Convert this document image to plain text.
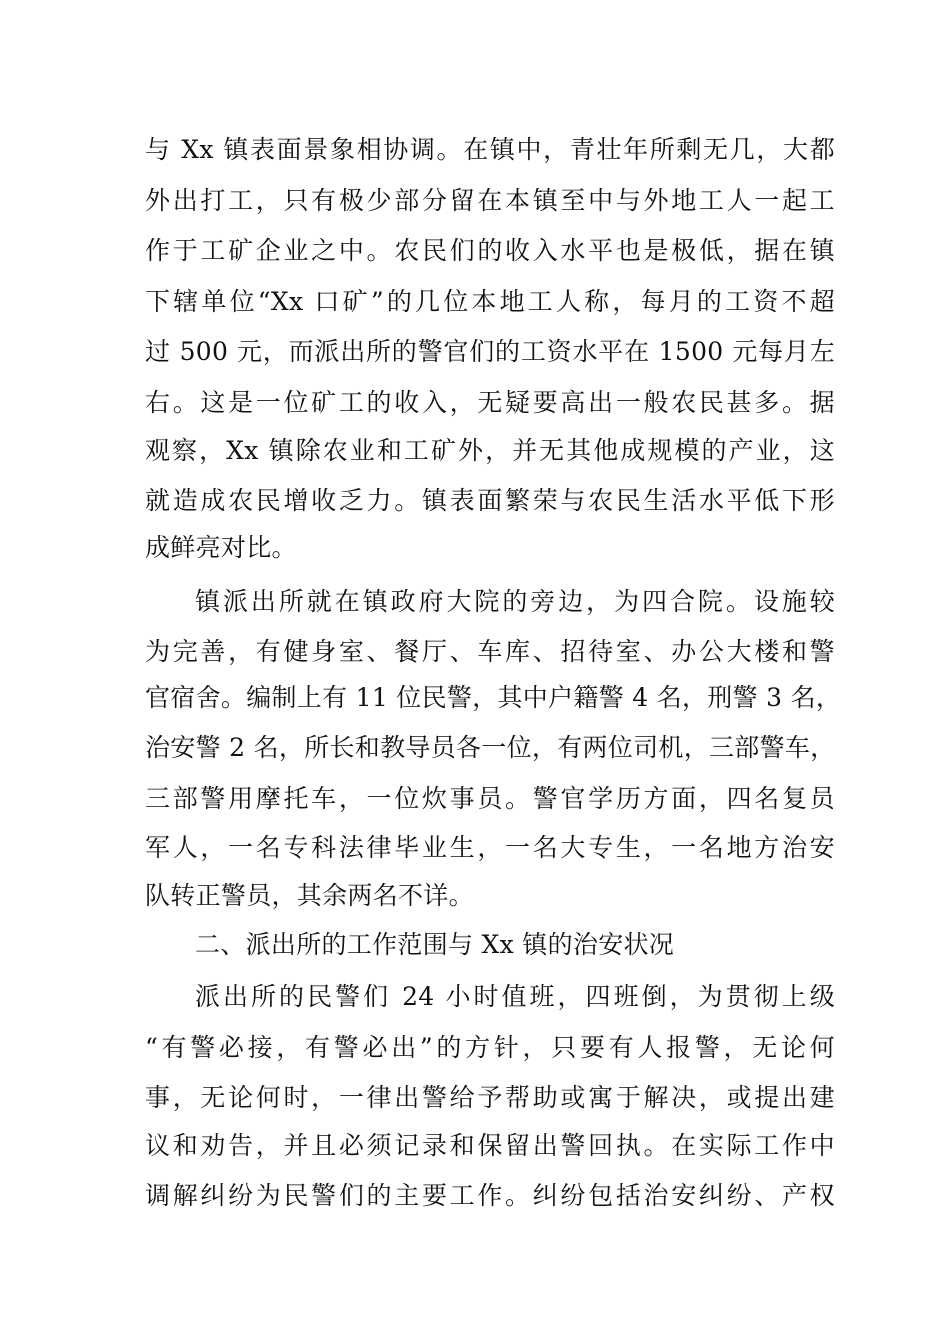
与 Xx 镇表面景象相协调。在镇中，青壮年所剩无几，大都
外出打工，只有极少部分留在本镇至中与外地工人一起工
作于工矿企业之中。农民们的收入水平也是极低，据在镇
下辖单位“Xx 口矿”的几位本地工人称，每月的工资不超
过 500 元，而派出所的警官们的工资水平在 1500 元每月左
右。这是一位矿工的收入，无疑要高出一般农民甚多。据
观察，Xx 镇除农业和工矿外，并无其他成规模的产业，这
就造成农民增收乏力。镇表面繁荣与农民生活水平低下形
成鲜亮对比。
镇派出所就在镇政府大院的旁边，为四合院。设施较
为完善，有健身室、餐厅、车库、招待室、办公大楼和警
官宿舍。编制上有 11 位民警，其中户籍警 4 名，刑警 3 名，
治安警 2 名，所长和教导员各一位，有两位司机，三部警车，
三部警用摩托车，一位炊事员。警官学历方面，四名复员
军人，一名专科法律毕业生，一名大专生，一名地方治安
队转正警员，其余两名不详。
二、派出所的工作范围与 Xx 镇的治安状况
派出所的民警们 24 小时值班，四班倒，为贯彻上级
“有警必接，有警必出”的方针，只要有人报警，无论何
事，无论何时，一律出警给予帮助或寓于解决，或提出建
议和劝告，并且必须记录和保留出警回执。在实际工作中
调解纠纷为民警们的主要工作。纠纷包括治安纠纷、产权
